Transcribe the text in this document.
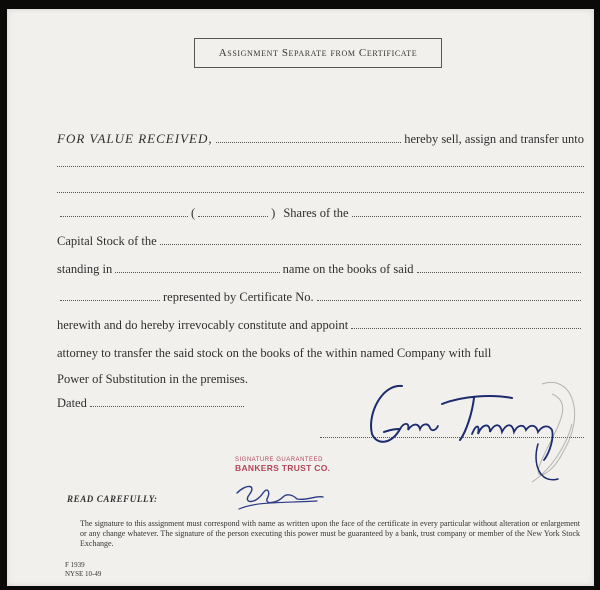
Assignment Separate from Certificate
FOR VALUE RECEIVED,	hereby sell, assign and transfer unto
(	) Shares of the
Capital Stock of the
standing in	name on the books of said
represented by Certificate No.
herewith and do hereby irrevocably constitute and appoint
attorney to transfer the said stock on the books of the within named Company with full
Power of Substitution in the premises.
Dated
SIGNATURE GUARANTEED
BANKERS TRUST CO.
READ CAREFULLY:
The signature to this assignment must correspond with name as written upon the face of the certificate in every particular without alteration or enlargement or any change whatever. The signature of the person executing this power must be guaranteed by a bank, trust company or member of the New York Stock Exchange.
F 1939
NYSE 10-49
